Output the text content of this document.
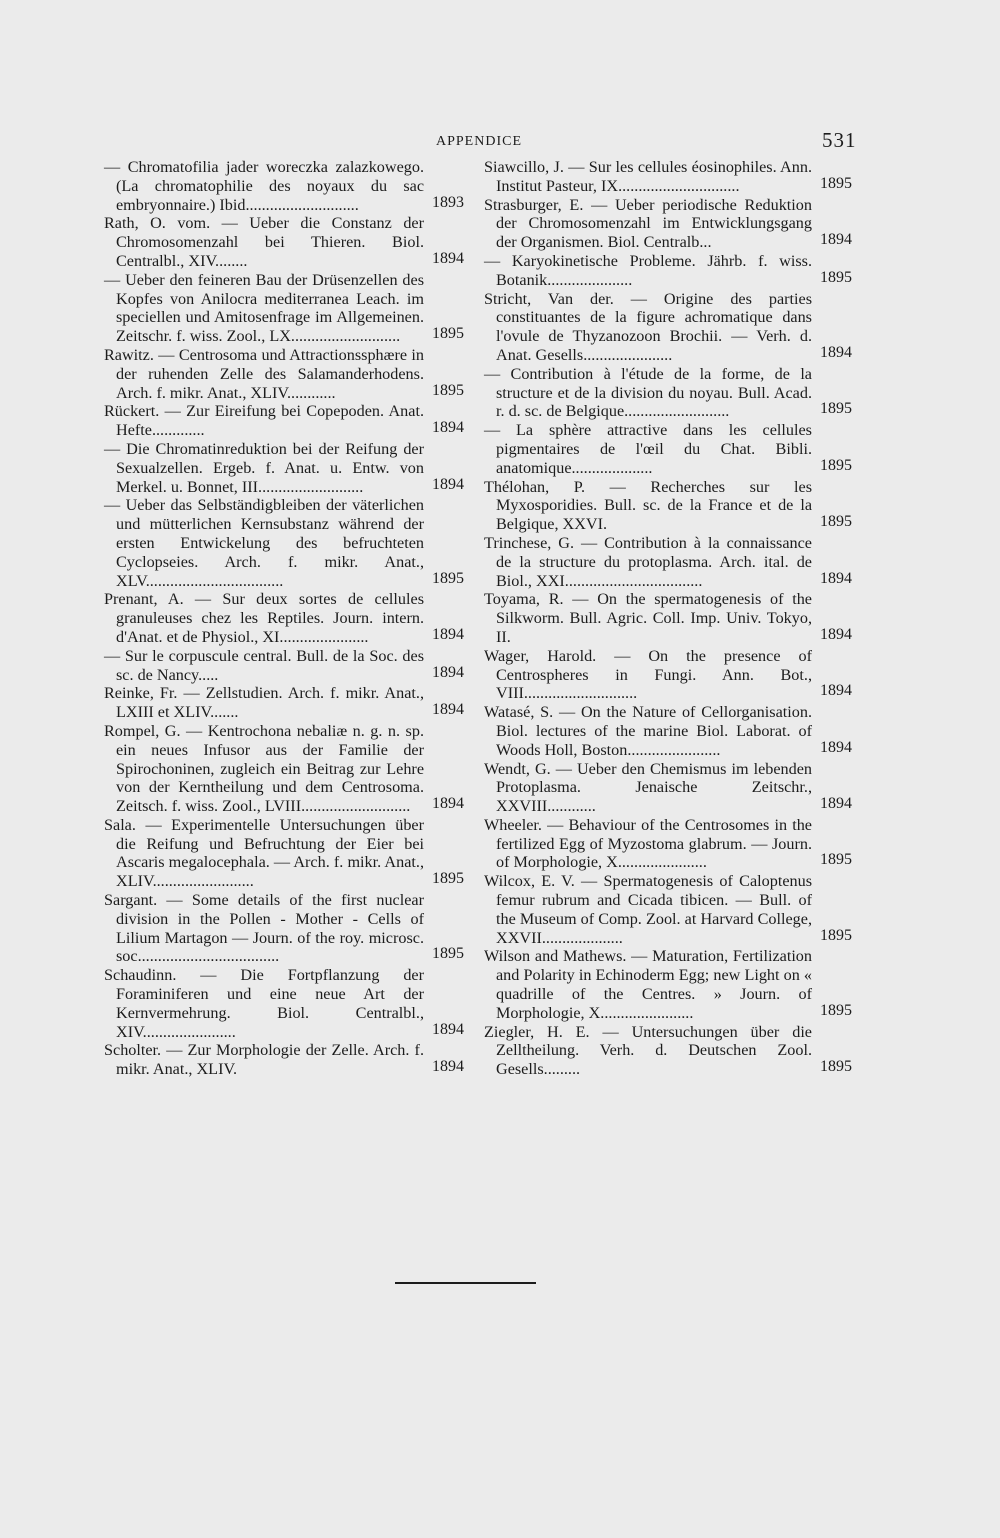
APPENDICE	531
— Chromatofilia jader woreczka zalazkowego. (La chromatophilie des noyaux du sac embryonnaire.) Ibid............................	1893
Rath, O. vom. — Ueber die Constanz der Chromosomenzahl bei Thieren. Biol. Centralbl., XIV........	1894
— Ueber den feineren Bau der Drüsenzellen des Kopfes von Anilocra mediterranea Leach. im speciellen und Amitosenfrage im Allgemeinen. Zeitschr. f. wiss. Zool., LX...........................	1895
Rawitz. — Centrosoma und Attractionssphære in der ruhenden Zelle des Salamanderhodens. Arch. f. mikr. Anat., XLIV............	1895
Rückert. — Zur Eireifung bei Copepoden. Anat. Hefte.............	1894
— Die Chromatinreduktion bei der Reifung der Sexualzellen. Ergeb. f. Anat. u. Entw. von Merkel. u. Bonnet, III..........................	1894
— Ueber das Selbständigbleiben der väterlichen und mütterlichen Kernsubstanz während der ersten Entwickelung des befruchteten Cyclopseies. Arch. f. mikr. Anat., XLV..................................	1895
Prenant, A. — Sur deux sortes de cellules granuleuses chez les Reptiles. Journ. intern. d'Anat. et de Physiol., XI......................	1894
— Sur le corpuscule central. Bull. de la Soc. des sc. de Nancy.....	1894
Reinke, Fr. — Zellstudien. Arch. f. mikr. Anat., LXIII et XLIV.......	1894
Rompel, G. — Kentrochona nebaliæ n. g. n. sp. ein neues Infusor aus der Familie der Spirochoninen, zugleich ein Beitrag zur Lehre von der Kerntheilung und dem Centrosoma. Zeitsch. f. wiss. Zool., LVIII...........................	1894
Sala. — Experimentelle Untersuchungen über die Reifung und Befruchtung der Eier bei Ascaris megalocephala. — Arch. f. mikr. Anat., XLIV.........................	1895
Sargant. — Some details of the first nuclear division in the Pollen - Mother - Cells of Lilium Martagon — Journ. of the roy. microsc. soc...................................	1895
Schaudinn. — Die Fortpflanzung der Foraminiferen und eine neue Art der Kernvermehrung. Biol. Centralbl., XIV.......................	1894
Scholter. — Zur Morphologie der Zelle. Arch. f. mikr. Anat., XLIV.	1894
Siawcillo, J. — Sur les cellules éosinophiles. Ann. Institut Pasteur, IX..............................	1895
Strasburger, E. — Ueber periodische Reduktion der Chromosomenzahl im Entwicklungsgang der Organismen. Biol. Centralb...	1894
— Karyokinetische Probleme. Jährb. f. wiss. Botanik.....................	1895
Stricht, Van der. — Origine des parties constituantes de la figure achromatique dans l'ovule de Thyzanozoon Brochii. — Verh. d. Anat. Gesells......................	1894
— Contribution à l'étude de la forme, de la structure et de la division du noyau. Bull. Acad. r. d. sc. de Belgique..........................	1895
— La sphère attractive dans les cellules pigmentaires de l'œil du Chat. Bibli. anatomique....................	1895
Thélohan, P. — Recherches sur les Myxosporidies. Bull. sc. de la France et de la Belgique, XXVI.	1895
Trinchese, G. — Contribution à la connaissance de la structure du protoplasma. Arch. ital. de Biol., XXI..................................	1894
Toyama, R. — On the spermatogenesis of the Silkworm. Bull. Agric. Coll. Imp. Univ. Tokyo, II.	1894
Wager, Harold. — On the presence of Centrospheres in Fungi. Ann. Bot., VIII............................	1894
Watasé, S. — On the Nature of Cellorganisation. Biol. lectures of the marine Biol. Laborat. of Woods Holl, Boston.......................	1894
Wendt, G. — Ueber den Chemismus im lebenden Protoplasma. Jenaische Zeitschr., XXVIII............	1894
Wheeler. — Behaviour of the Centrosomes in the fertilized Egg of Myzostoma glabrum. — Journ. of Morphologie, X......................	1895
Wilcox, E. V. — Spermatogenesis of Caloptenus femur rubrum and Cicada tibicen. — Bull. of the Museum of Comp. Zool. at Harvard College, XXVII....................	1895
Wilson and Mathews. — Maturation, Fertilization and Polarity in Echinoderm Egg; new Light on « quadrille of the Centres. » Journ. of Morphologie, X.......................	1895
Ziegler, H. E. — Untersuchungen über die Zelltheilung. Verh. d. Deutschen Zool. Gesells.........	1895
